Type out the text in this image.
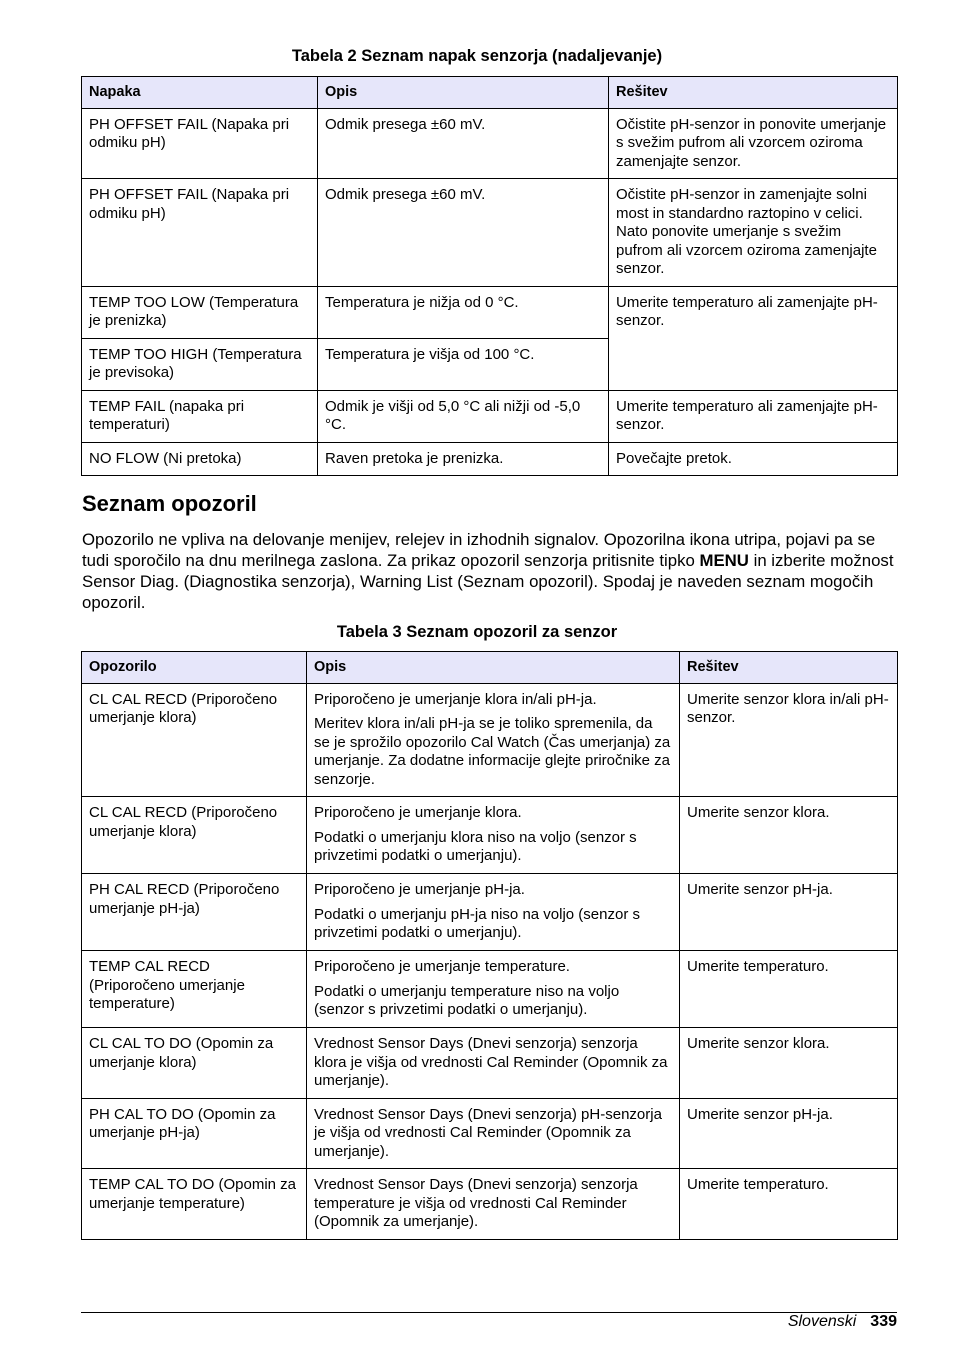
Tabela 2 Seznam napak senzorja (nadaljevanje)
Napaka	Opis	Rešitev
PH OFFSET FAIL (Napaka pri odmiku pH)	Odmik presega ±60 mV.	Očistite pH-senzor in ponovite umerjanje s svežim pufrom ali vzorcem oziroma zamenjajte senzor.
PH OFFSET FAIL (Napaka pri odmiku pH)	Odmik presega ±60 mV.	Očistite pH-senzor in zamenjajte solni most in standardno raztopino v celici. Nato ponovite umerjanje s svežim pufrom ali vzorcem oziroma zamenjajte senzor.
TEMP TOO LOW (Temperatura je prenizka)	Temperatura je nižja od 0 °C.	Umerite temperaturo ali zamenjajte pH-senzor.
TEMP TOO HIGH (Temperatura je previsoka)	Temperatura je višja od 100 °C.	
TEMP FAIL (napaka pri temperaturi)	Odmik je višji od 5,0 °C ali nižji od -5,0 °C.	Umerite temperaturo ali zamenjajte pH-senzor.
NO FLOW (Ni pretoka)	Raven pretoka je prenizka.	Povečajte pretok.
Seznam opozoril

Opozorilo ne vpliva na delovanje menijev, relejev in izhodnih signalov. Opozorilna ikona utripa, pojavi pa se tudi sporočilo na dnu merilnega zaslona. Za prikaz opozoril senzorja pritisnite tipko MENU in izberite možnost Sensor Diag. (Diagnostika senzorja), Warning List (Seznam opozoril). Spodaj je naveden seznam mogočih opozoril.

Tabela 3 Seznam opozoril za senzor
Opozorilo	Opis	Rešitev
CL CAL RECD (Priporočeno umerjanje klora)	Priporočeno je umerjanje klora in/ali pH-ja.

Meritev klora in/ali pH-ja se je toliko spremenila, da se je sprožilo opozorilo Cal Watch (Čas umerjanja) za umerjanje. Za dodatne informacije glejte priročnike za senzorje.	Umerite senzor klora in/ali pH-senzor.
CL CAL RECD (Priporočeno umerjanje klora)	Priporočeno je umerjanje klora.

Podatki o umerjanju klora niso na voljo (senzor s privzetimi podatki o umerjanju).	Umerite senzor klora.
PH CAL RECD (Priporočeno umerjanje pH-ja)	Priporočeno je umerjanje pH-ja.

Podatki o umerjanju pH-ja niso na voljo (senzor s privzetimi podatki o umerjanju).	Umerite senzor pH-ja.
TEMP CAL RECD (Priporočeno umerjanje temperature)	Priporočeno je umerjanje temperature.

Podatki o umerjanju temperature niso na voljo (senzor s privzetimi podatki o umerjanju).	Umerite temperaturo.
CL CAL TO DO (Opomin za umerjanje klora)	Vrednost Sensor Days (Dnevi senzorja) senzorja klora je višja od vrednosti Cal Reminder (Opomnik za umerjanje).	Umerite senzor klora.
PH CAL TO DO (Opomin za umerjanje pH-ja)	Vrednost Sensor Days (Dnevi senzorja) pH-senzorja je višja od vrednosti Cal Reminder (Opomnik za umerjanje).	Umerite senzor pH-ja.
TEMP CAL TO DO (Opomin za umerjanje temperature)	Vrednost Sensor Days (Dnevi senzorja) senzorja temperature je višja od vrednosti Cal Reminder (Opomnik za umerjanje).	Umerite temperaturo.
Slovenski 339
